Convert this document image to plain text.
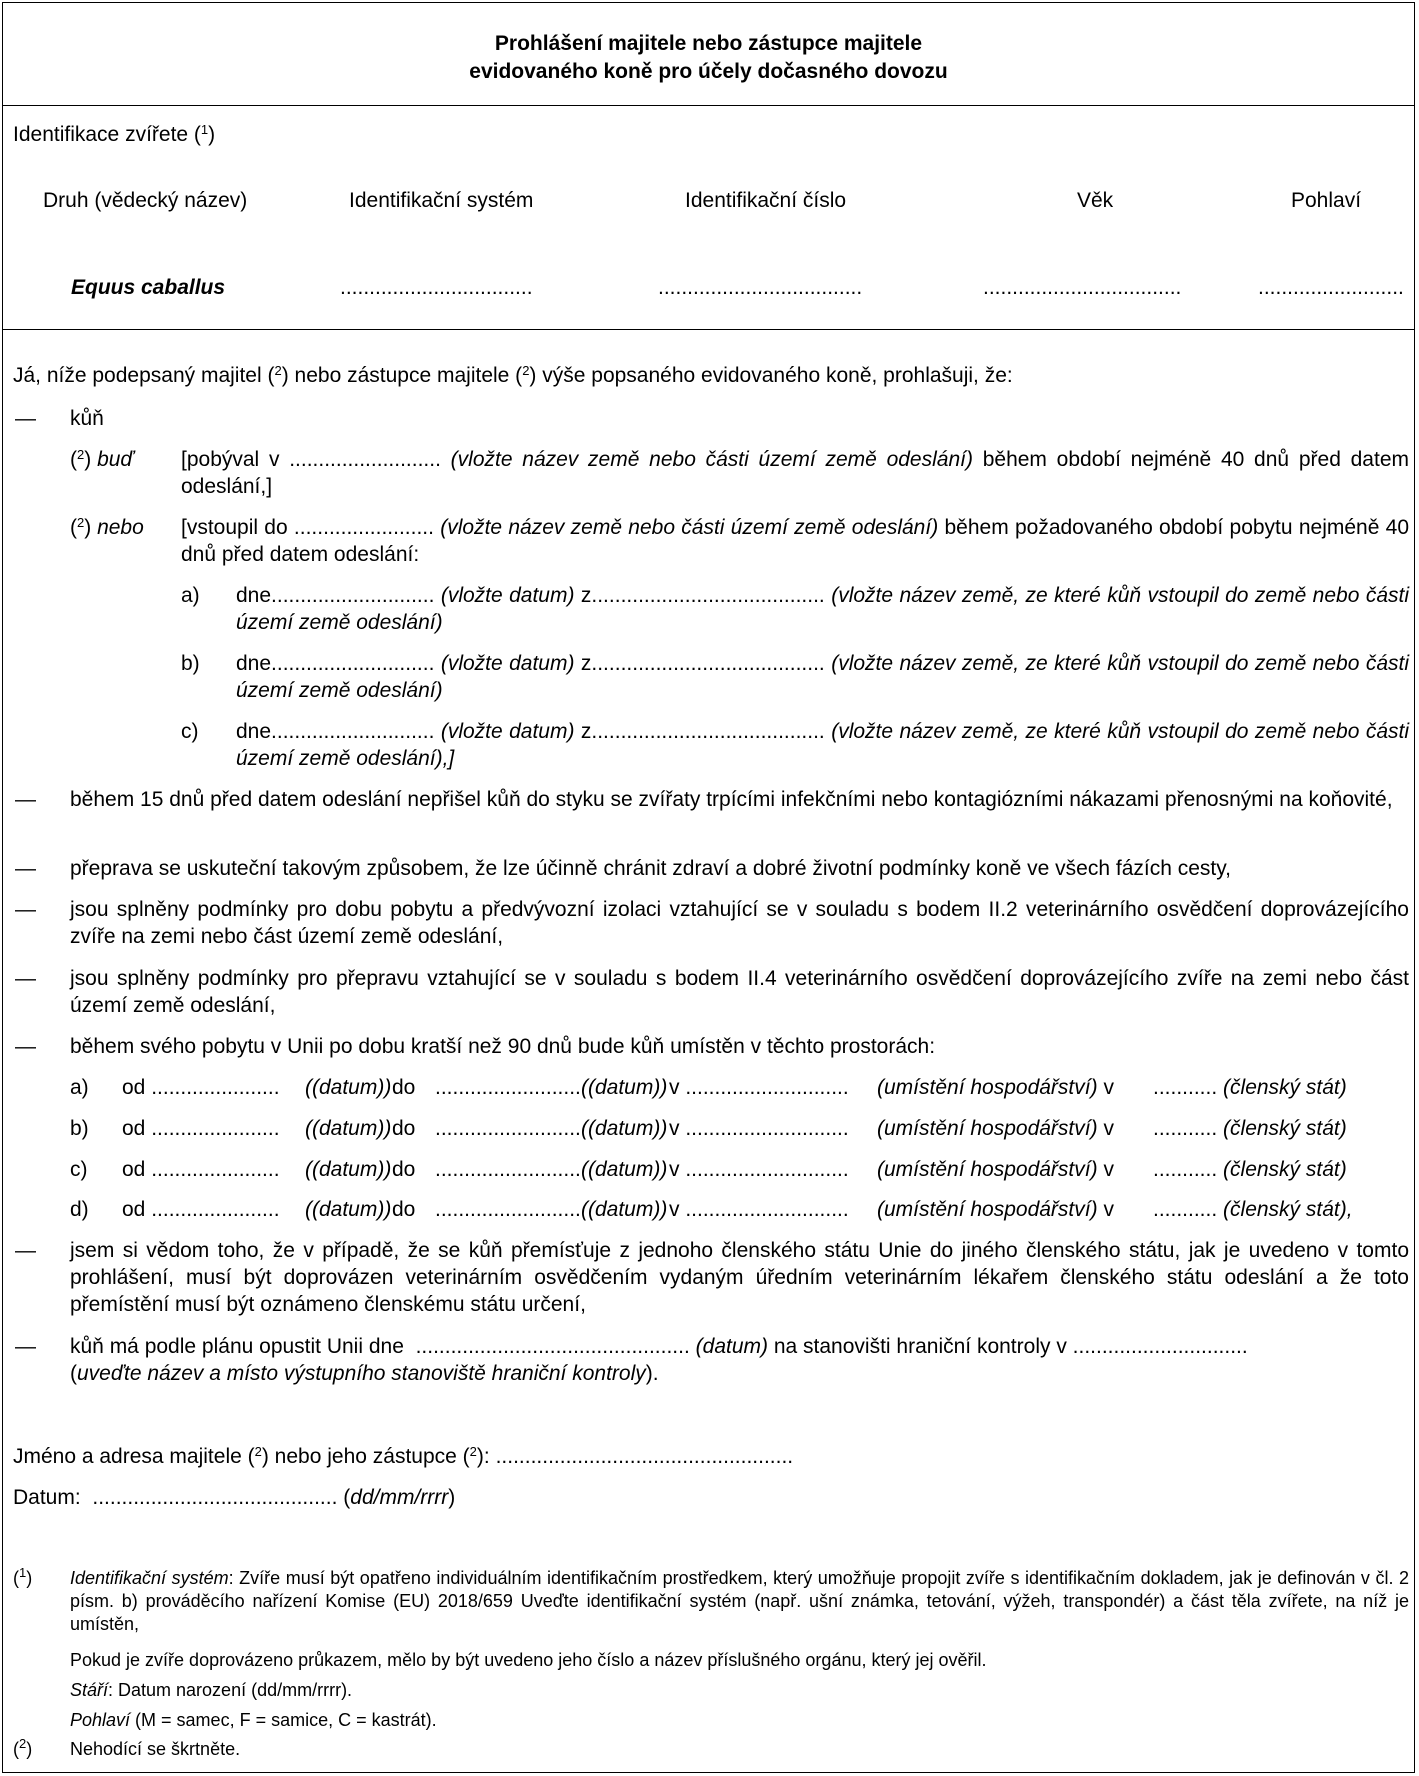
Prohlášení majitele nebo zástupce majitele
evidovaného koně pro účely dočasného dovozu
Identifikace zvířete ($^1$)
Druh (vědecký název)	Identifikační systém	Identifikační číslo	Věk	Pohlaví
Equus caballus	.................................	...................................	..................................	.........................
Já, níže podepsaný majitel ($^2$) nebo zástupce majitele ($^2$) výše popsaného evidovaného koně, prohlašuji, že:
— kůň
($^2$) buď [pobýval v .......................... (vložte název země nebo části území země odeslání) během období nejméně 40 dnů před datem odeslání,]
($^2$) nebo [vstoupil do ........................ (vložte název země nebo části území země odeslání) během požadovaného období pobytu nejméně 40 dnů před datem odeslání:
a) dne............................ (vložte datum) z........................................ (vložte název země, ze které kůň vstoupil do země nebo části území země odeslání)
b) dne............................ (vložte datum) z........................................ (vložte název země, ze které kůň vstoupil do země nebo části území země odeslání)
c) dne............................ (vložte datum) z........................................ (vložte název země, ze které kůň vstoupil do země nebo části území země odeslání),]
— během 15 dnů před datem odeslání nepřišel kůň do styku se zvířaty trpícími infekčními nebo kontagiózními nákazami přenosnými na koňovité,
— přeprava se uskuteční takovým způsobem, že lze účinně chránit zdraví a dobré životní podmínky koně ve všech fázích cesty,
— jsou splněny podmínky pro dobu pobytu a předvývozní izolaci vztahující se v souladu s bodem II.2 veterinárního osvědčení doprovázejícího zvíře na zemi nebo část území země odeslání,
— jsou splněny podmínky pro přepravu vztahující se v souladu s bodem II.4 veterinárního osvědčení doprovázejícího zvíře na zemi nebo část území země odeslání,
— během svého pobytu v Unii po dobu kratší než 90 dnů bude kůň umístěn v těchto prostorách:
a) od ...................... ((datum)) do ......................... ((datum)) v ............................ (umístění hospodářství) v ........... (členský stát)
b) od ...................... ((datum)) do ......................... ((datum)) v ............................ (umístění hospodářství) v ........... (členský stát)
c) od ...................... ((datum)) do ......................... ((datum)) v ............................ (umístění hospodářství) v ........... (členský stát)
d) od ...................... ((datum)) do ......................... ((datum)) v ............................ (umístění hospodářství) v ........... (členský stát),
— jsem si vědom toho, že v případě, že se kůň přemísťuje z jednoho členského státu Unie do jiného členského státu, jak je uvedeno v tomto prohlášení, musí být doprovázen veterinárním osvědčením vydaným úředním veterinárním lékařem členského státu odeslání a že toto přemístění musí být oznámeno členskému státu určení,
— kůň má podle plánu opustit Unii dne ............................................... (datum) na stanovišti hraniční kontroly v ..............................
(uveďte název a místo výstupního stanoviště hraniční kontroly).
Jméno a adresa majitele ($^2$) nebo jeho zástupce ($^2$): ...................................................
Datum: .......................................... (dd/mm/rrrr)
($^1$) Identifikační systém: Zvíře musí být opatřeno individuálním identifikačním prostředkem, který umožňuje propojit zvíře s identifikačním dokladem, jak je definován v čl. 2 písm. b) prováděcího nařízení Komise (EU) 2018/659 Uveďte identifikační systém (např. ušní známka, tetování, výžeh, transpondér) a část těla zvířete, na níž je umístěn,
Pokud je zvíře doprovázeno průkazem, mělo by být uvedeno jeho číslo a název příslušného orgánu, který jej ověřil.
Stáří: Datum narození (dd/mm/rrrr).
Pohlaví (M = samec, F = samice, C = kastrát).
($^2$) Nehodící se škrtněte.
